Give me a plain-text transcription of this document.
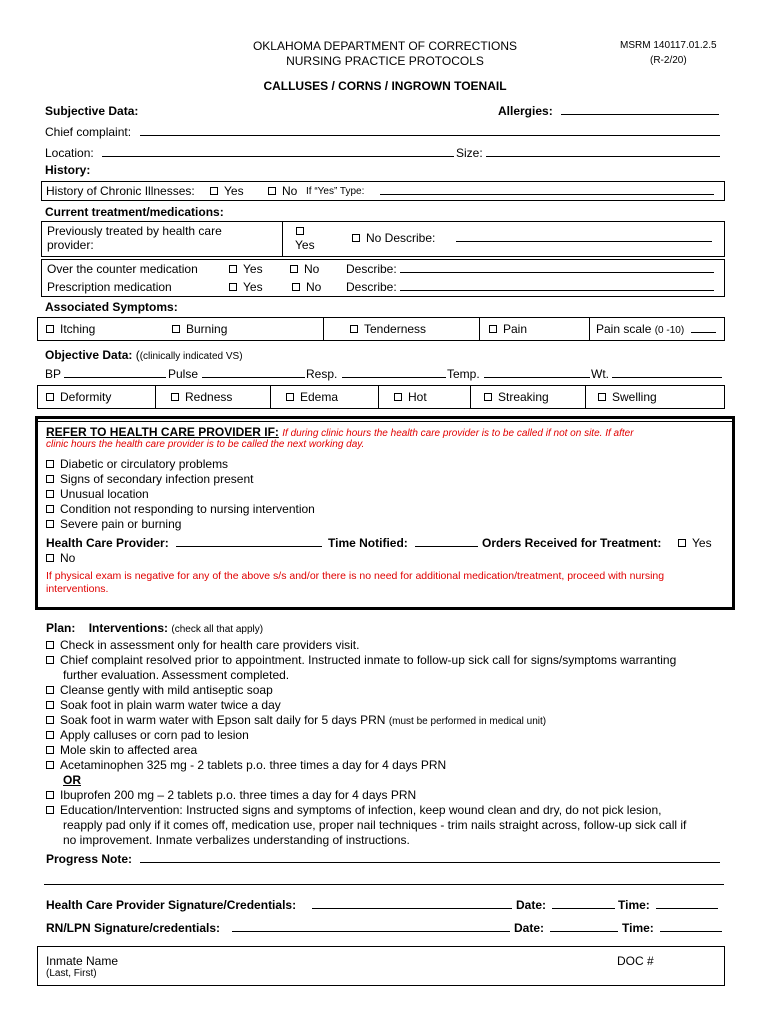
OKLAHOMA DEPARTMENT OF CORRECTIONS
NURSING PRACTICE PROTOCOLS
MSRM 140117.01.2.5
(R-2/20)
CALLUSES / CORNS / INGROWN TOENAIL
Subjective Data:	Allergies:
Chief complaint:
Location:	Size:
History:
History of Chronic Illnesses:	Yes	No If “Yes” Type:
Current treatment/medications:
Previously treated by health care
provider:	Yes	No Describe:
Over the counter medication	Yes	No Describe:
Prescription medication	Yes	No Describe:
Associated Symptoms:
Itching	Burning	Tenderness	Pain	Pain scale (0 -10)
Objective Data: ((clinically indicated VS)
BP	Pulse	Resp.	Temp.	Wt.
Deformity	Redness	Edema	Hot	Streaking	Swelling
REFER TO HEALTH CARE PROVIDER IF: If during clinic hours the health care provider is to be called if not on site. If after
clinic hours the health care provider is to be called the next working day.
Diabetic or circulatory problems
Signs of secondary infection present
Unusual location
Condition not responding to nursing intervention
Severe pain or burning
Health Care Provider:	Time Notified:	Orders Received for Treatment:	Yes
No
If physical exam is negative for any of the above s/s and/or there is no need for additional medication/treatment, proceed with nursing
interventions.
Plan: Interventions: (check all that apply)
Check in assessment only for health care providers visit.
Chief complaint resolved prior to appointment. Instructed inmate to follow-up sick call for signs/symptoms warranting
further evaluation. Assessment completed.
Cleanse gently with mild antiseptic soap
Soak foot in plain warm water twice a day
Soak foot in warm water with Epson salt daily for 5 days PRN (must be performed in medical unit)
Apply calluses or corn pad to lesion
Mole skin to affected area
Acetaminophen 325 mg - 2 tablets p.o. three times a day for 4 days PRN
OR
Ibuprofen 200 mg – 2 tablets p.o. three times a day for 4 days PRN
Education/Intervention: Instructed signs and symptoms of infection, keep wound clean and dry, do not pick lesion,
reapply pad only if it comes off, medication use, proper nail techniques - trim nails straight across, follow-up sick call if
no improvement. Inmate verbalizes understanding of instructions.
Progress Note:
Health Care Provider Signature/Credentials:	Date:	Time:
RN/LPN Signature/credentials:	Date:	Time:
Inmate Name
(Last, First)
DOC #
